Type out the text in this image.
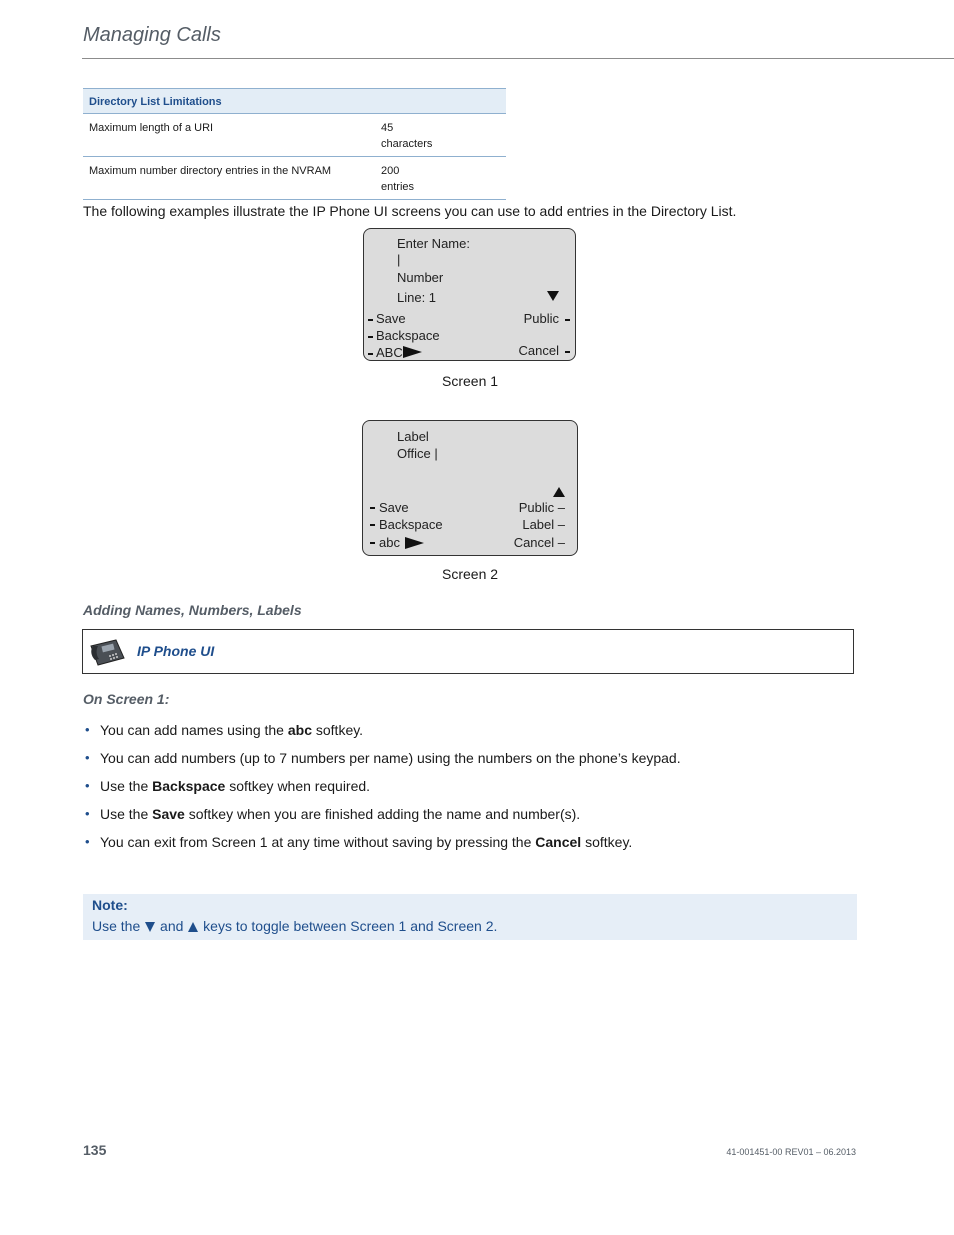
Managing Calls
Directory List Limitations	
Maximum length of a URI	45
characters

Maximum number directory entries in the NVRAM	200
entries
The following examples illustrate the IP Phone UI screens you can use to add entries in the Directory List.
Enter Name:
|
Number
Line: 1
Save
Backspace
ABC
Public
Cancel
Screen 1
Label
Office |
Save
Backspace
abc
Public –
Label –
Cancel –
Screen 2
Adding Names, Numbers, Labels
IP Phone UI
On Screen 1:
• You can add names using the abc softkey.
• You can add numbers (up to 7 numbers per name) using the numbers on the phone’s keypad.
• Use the Backspace softkey when required.
• Use the Save softkey when you are finished adding the name and number(s).
• You can exit from Screen 1 at any time without saving by pressing the Cancel softkey.
Note:
Use the and keys to toggle between Screen 1 and Screen 2.
135	41-001451-00 REV01 – 06.2013
